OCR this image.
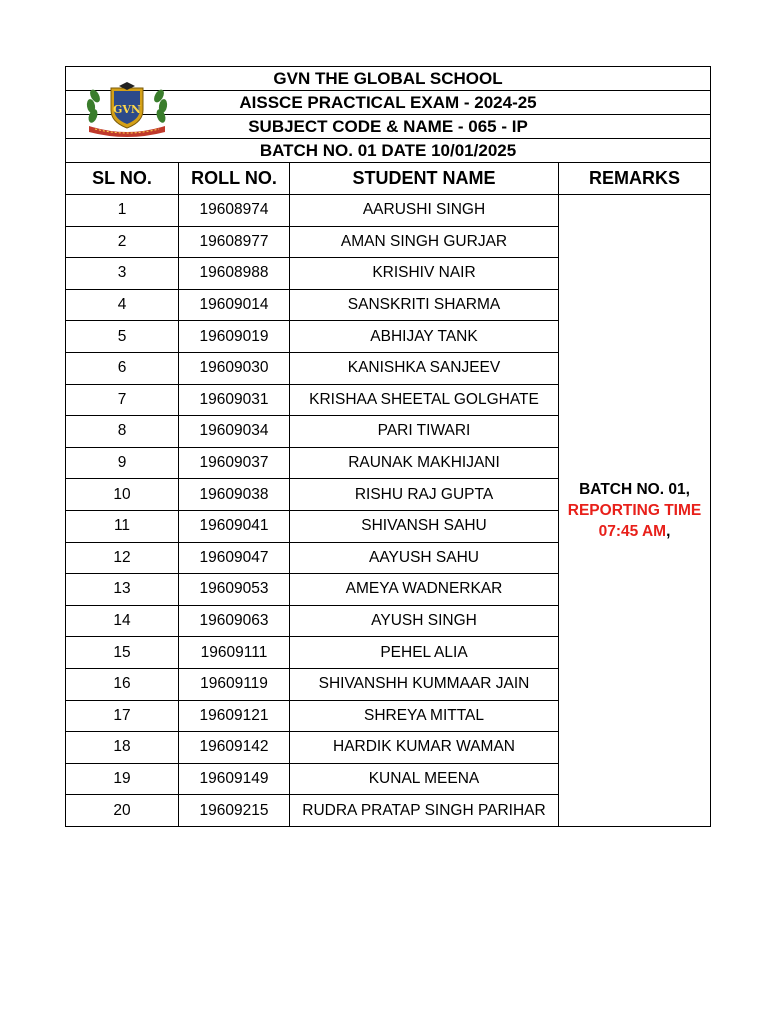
GVN THE GLOBAL SCHOOL			
AISSCE PRACTICAL EXAM - 2024-25			
SUBJECT CODE & NAME - 065 - IP			
BATCH NO. 01 DATE 10/01/2025			
SL NO.	ROLL NO.	STUDENT NAME	REMARKS
1	19608974	AARUSHI SINGH	BATCH NO. 01,
REPORTING TIME
07:45 AM,

2	19608977	AMAN SINGH GURJAR	
3	19608988	KRISHIV NAIR	
4	19609014	SANSKRITI SHARMA	
5	19609019	ABHIJAY TANK	
6	19609030	KANISHKA SANJEEV	
7	19609031	KRISHAA SHEETAL GOLGHATE	
8	19609034	PARI TIWARI	
9	19609037	RAUNAK MAKHIJANI	
10	19609038	RISHU RAJ GUPTA	
11	19609041	SHIVANSH SAHU	
12	19609047	AAYUSH SAHU	
13	19609053	AMEYA WADNERKAR	
14	19609063	AYUSH SINGH	
15	19609111	PEHEL ALIA	
16	19609119	SHIVANSHH KUMMAAR JAIN	
17	19609121	SHREYA MITTAL	
18	19609142	HARDIK KUMAR WAMAN	
19	19609149	KUNAL MEENA	
20	19609215	RUDRA PRATAP SINGH PARIHAR	
GVN
